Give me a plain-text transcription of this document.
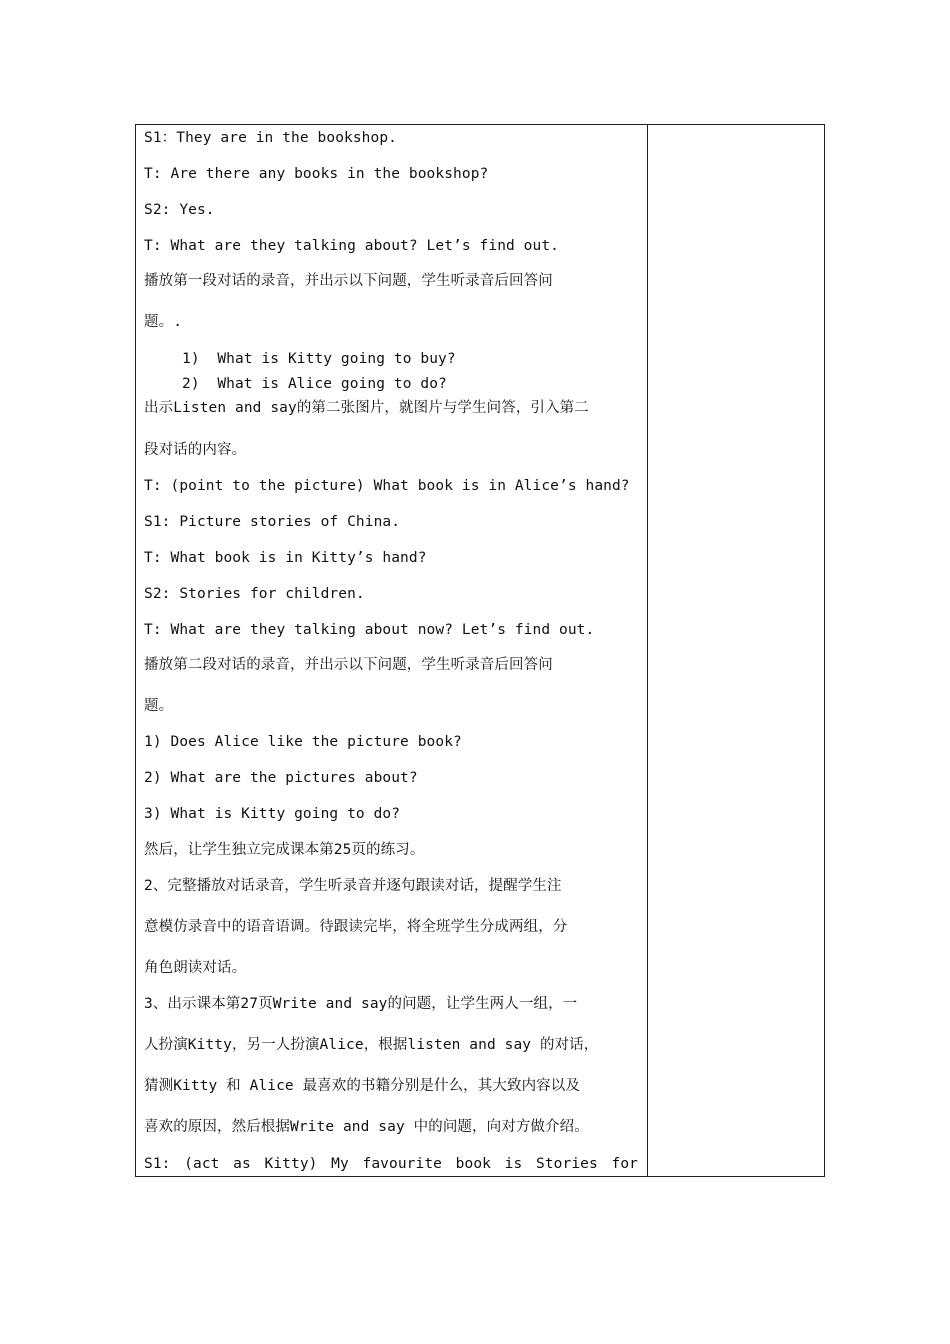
S1：They are in the bookshop.
T: Are there any books in the bookshop?
S2: Yes.
T: What are they talking about? Let’s find out.
播放第一段对话的录音，并出示以下问题，学生听录音后回答问
题。.
1)  What is Kitty going to buy?
2)  What is Alice going to do?
出示Listen and say的第二张图片，就图片与学生问答，引入第二
段对话的内容。
T: (point to the picture) What book is in Alice’s hand?
S1: Picture stories of China.
T: What book is in Kitty’s hand?
S2: Stories for children.
T: What are they talking about now? Let’s find out.
播放第二段对话的录音，并出示以下问题，学生听录音后回答问
题。
1) Does Alice like the picture book?
2) What are the pictures about?
3) What is Kitty going to do?
然后，让学生独立完成课本第25页的练习。
2、完整播放对话录音，学生听录音并逐句跟读对话，提醒学生注
意模仿录音中的语音语调。待跟读完毕，将全班学生分成两组，分
角色朗读对话。
3、出示课本第27页Write and say的问题，让学生两人一组，一
人扮演Kitty，另一人扮演Alice，根据listen and say 的对话，
猜测Kitty 和 Alice 最喜欢的书籍分别是什么，其大致内容以及
喜欢的原因，然后根据Write and say 中的问题，向对方做介绍。
S1: (act as Kitty) My favourite book is Stories for
